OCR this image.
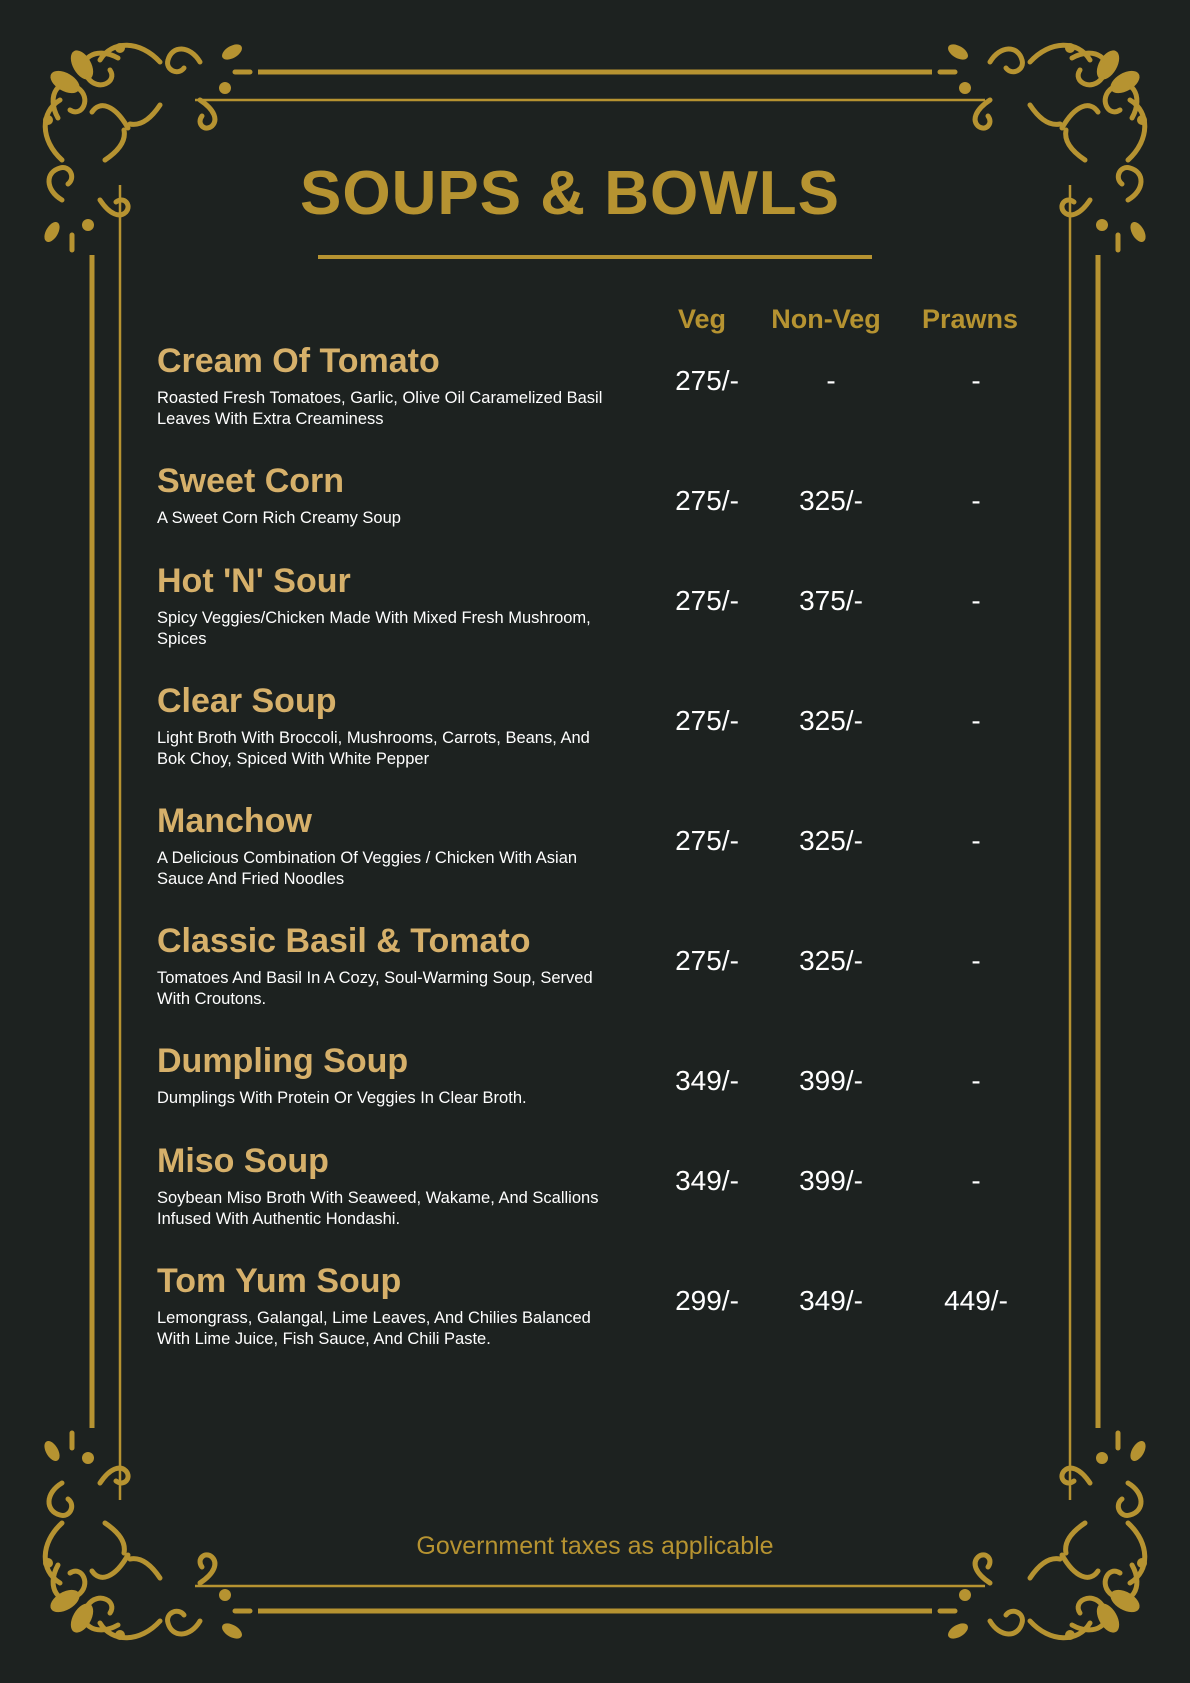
SOUPS & BOWLS
Veg	Non-Veg	Prawns
Cream Of Tomato
Roasted Fresh Tomatoes, Garlic, Olive Oil Caramelized Basil Leaves With Extra Creaminess
275/-	-	-
Sweet Corn
A Sweet Corn Rich Creamy Soup
275/-	325/-	-
Hot 'N' Sour
Spicy Veggies/Chicken Made With Mixed Fresh Mushroom, Spices
275/-	375/-	-
Clear Soup
Light Broth With Broccoli, Mushrooms, Carrots, Beans, And Bok Choy, Spiced With White Pepper
275/-	325/-	-
Manchow
A Delicious Combination Of Veggies / Chicken With Asian Sauce And Fried Noodles
275/-	325/-	-
Classic Basil & Tomato
Tomatoes And Basil In A Cozy, Soul-Warming Soup, Served With Croutons.
275/-	325/-	-
Dumpling Soup
Dumplings With Protein Or Veggies In Clear Broth.
349/-	399/-	-
Miso Soup
Soybean Miso Broth With Seaweed, Wakame, And Scallions Infused With Authentic Hondashi.
349/-	399/-	-
Tom Yum Soup
Lemongrass, Galangal, Lime Leaves, And Chilies Balanced With Lime Juice, Fish Sauce, And Chili Paste.
299/-	349/-	449/-
Government taxes as applicable
